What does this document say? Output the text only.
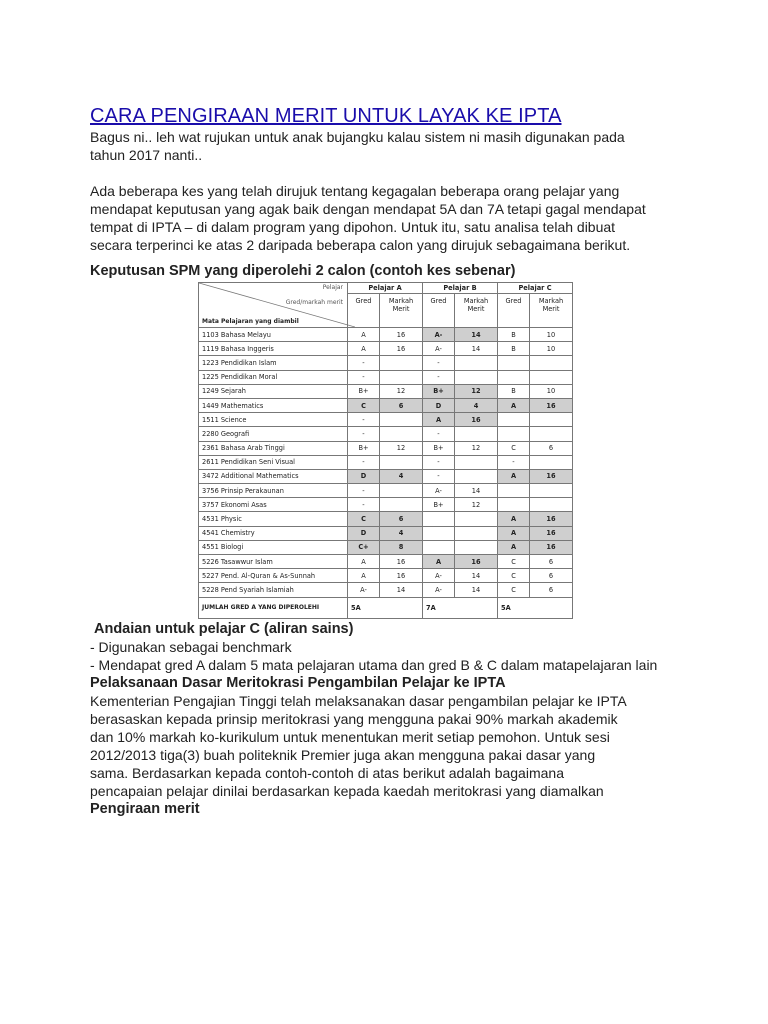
CARA PENGIRAAN MERIT UNTUK LAYAK KE IPTA

Bagus ni.. leh wat rujukan untuk anak bujangku kalau sistem ni masih digunakan pada

tahun 2017 nanti..

Ada beberapa kes yang telah dirujuk tentang kegagalan beberapa orang pelajar yang

mendapat keputusan yang agak baik dengan mendapat 5A dan 7A tetapi gagal mendapat

tempat di IPTA – di dalam program yang dipohon. Untuk itu, satu analisa telah dibuat

secara terperinci ke atas 2 daripada beberapa calon yang dirujuk sebagaimana berikut.

Keputusan SPM yang diperolehi 2 calon (contoh kes sebenar)

Pelajar
Gred/markah merit
Mata Pelajaran yang diambil	Pelajar A		Pelajar B		Pelajar C	
	Gred	Markah Merit	Gred	Markah Merit	Gred	Markah Merit
1103 Bahasa Melayu	A	16	A-	14	B	10
1119 Bahasa Inggeris	A	16	A-	14	B	10
1223 Pendidikan Islam	-		-			
1225 Pendidikan Moral	-		-			
1249 Sejarah	B+	12	B+	12	B	10
1449 Mathematics	C	6	D	4	A	16
1511 Science	-		A	16		
2280 Geografi	-		-			
2361 Bahasa Arab Tinggi	B+	12	B+	12	C	6
2611 Pendidikan Seni Visual	-		-		-	
3472 Additional Mathematics	D	4	-		A	16
3756 Prinsip Perakaunan	-		A-	14		
3757 Ekonomi Asas	-		B+	12		
4531 Physic	C	6			A	16
4541 Chemistry	D	4			A	16
4551 Biologi	C+	8			A	16
5226 Tasawwur Islam	A	16	A	16	C	6
5227 Pend. Al-Quran & As-Sunnah	A	16	A-	14	C	6
5228 Pend Syariah Islamiah	A-	14	A-	14	C	6
JUMLAH GRED A YANG DIPEROLEHI	5A		7A		5A	

Andaian untuk pelajar C (aliran sains)

- Digunakan sebagai benchmark

- Mendapat gred A dalam 5 mata pelajaran utama dan gred B & C dalam matapelajaran lain

Pelaksanaan Dasar Meritokrasi Pengambilan Pelajar ke IPTA

Kementerian Pengajian Tinggi telah melaksanakan dasar pengambilan pelajar ke IPTA

berasaskan kepada prinsip meritokrasi yang mengguna pakai 90% markah akademik

dan 10% markah ko-kurikulum untuk menentukan merit setiap pemohon. Untuk sesi

2012/2013 tiga(3) buah politeknik Premier juga akan mengguna pakai dasar yang

sama. Berdasarkan kepada contoh-contoh di atas berikut adalah bagaimana

pencapaian pelajar dinilai berdasarkan kepada kaedah meritokrasi yang diamalkan

Pengiraan merit
